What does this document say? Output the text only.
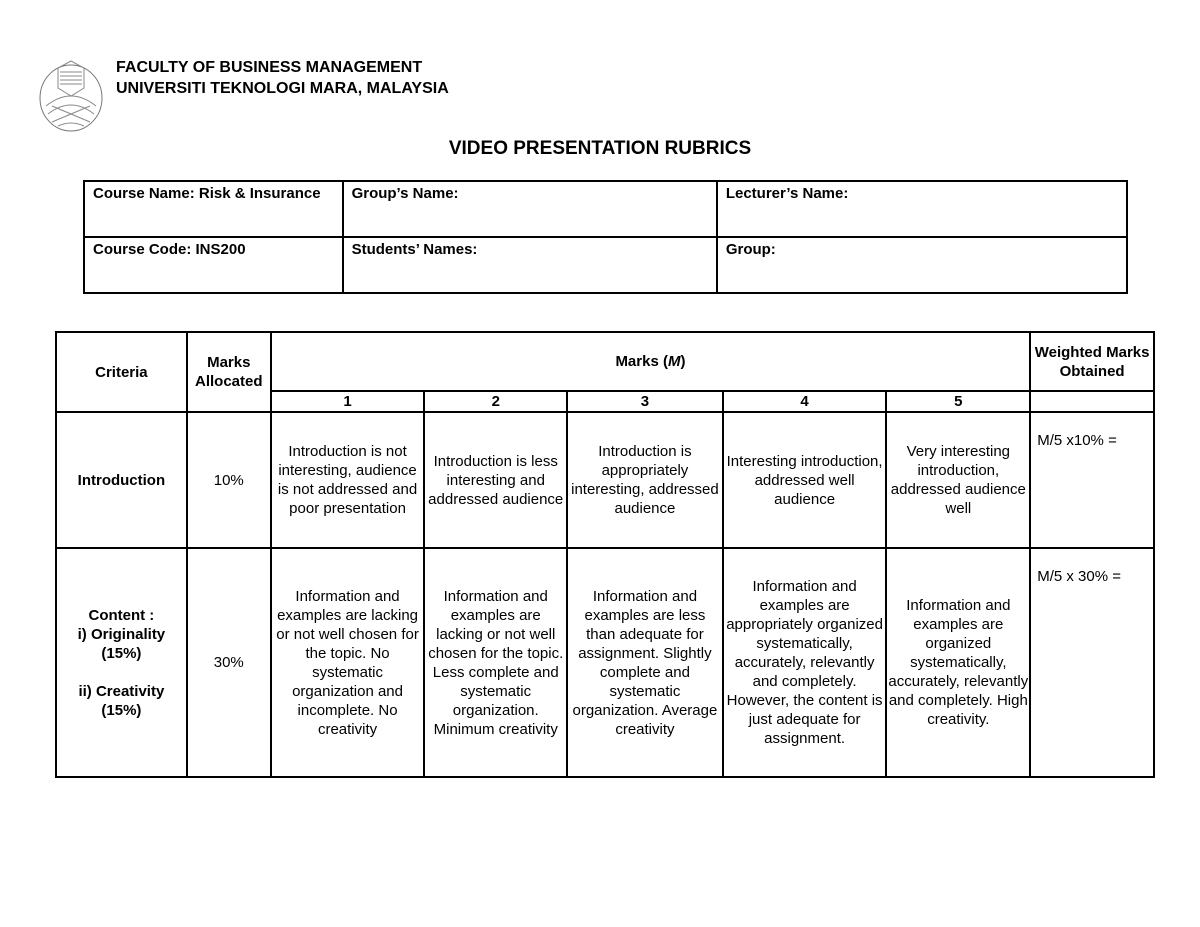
FACULTY OF BUSINESS MANAGEMENT
UNIVERSITI TEKNOLOGI MARA, MALAYSIA
VIDEO PRESENTATION RUBRICS
Course Name: Risk & Insurance	Group’s Name:	Lecturer’s Name:
Course Code: INS200	Students’ Names:	Group:
Criteria	Marks Allocated	Marks (M)					Weighted Marks Obtained
		1	2	3	4	5	
Introduction	10%	Introduction is not interesting, audience is not addressed and poor presentation	Introduction is less interesting and addressed audience	Introduction is appropriately interesting, addressed audience	Interesting introduction, addressed well audience	Very interesting introduction, addressed audience well	M/5 x10% =

Content :
i) Originality (15%)
ii) Creativity (15%)	30%	Information and examples are lacking or not well chosen for the topic. No systematic organization and incomplete. No creativity	Information and examples are lacking or not well chosen for the topic. Less complete and systematic organization. Minimum creativity	Information and examples are less than adequate for assignment. Slightly complete and systematic organization. Average creativity	Information and examples are appropriately organized systematically, accurately, relevantly and completely. However, the content is just adequate for assignment.	Information and examples are organized systematically, accurately, relevantly and completely. High creativity.	M/5 x 30% =
